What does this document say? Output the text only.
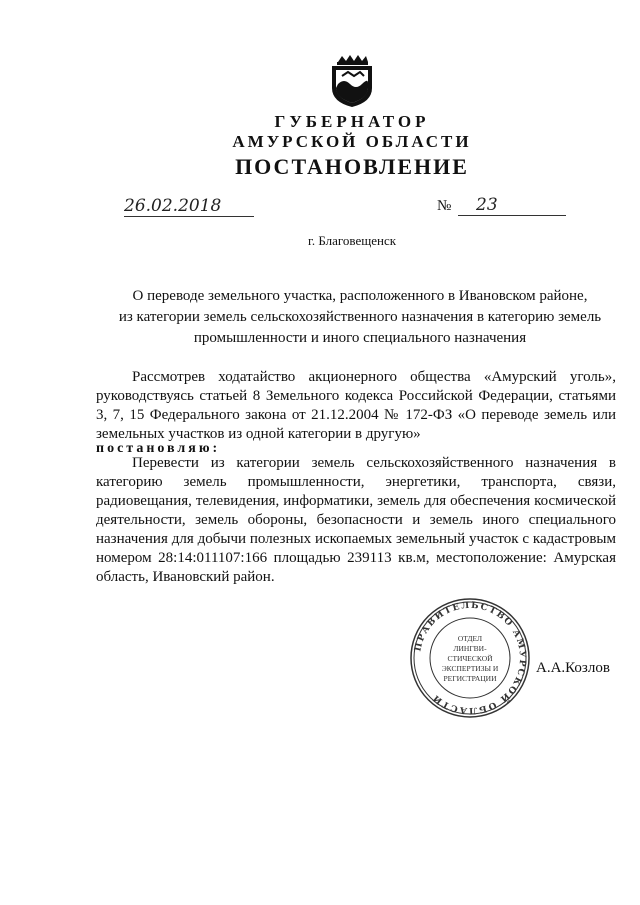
ГУБЕРНАТОР
АМУРСКОЙ ОБЛАСТИ
ПОСТАНОВЛЕНИЕ
26.02.2018	№	23
г. Благовещенск
О переводе земельного участка, расположенного в Ивановском районе,
из категории земель сельскохозяйственного назначения в категорию земель
промышленности и иного специального назначения
Рассмотрев ходатайство акционерного общества «Амурский уголь», руководствуясь статьей 8 Земельного кодекса Российской Федерации, статьями 3, 7, 15 Федерального закона от 21.12.2004 № 172-ФЗ «О переводе земель или земельных участков из одной категории в другую»
постановляю:
Перевести из категории земель сельскохозяйственного назначения в категорию земель промышленности, энергетики, транспорта, связи, радиовещания, телевидения, информатики, земель для обеспечения космической деятельности, земель обороны, безопасности и земель иного специального назначения для добычи полезных ископаемых земельный участок с кадастровым номером 28:14:011107:166 площадью 239113 кв.м, местоположение: Амурская область, Ивановский район.
ПРАВИТЕЛЬСТВО АМУРСКОЙ ОБЛАСТИ
ОТДЕЛ
ЛИНГВИ-
СТИЧЕСКОЙ
ЭКСПЕРТИЗЫ И
РЕГИСТРАЦИИ
А.А.Козлов
